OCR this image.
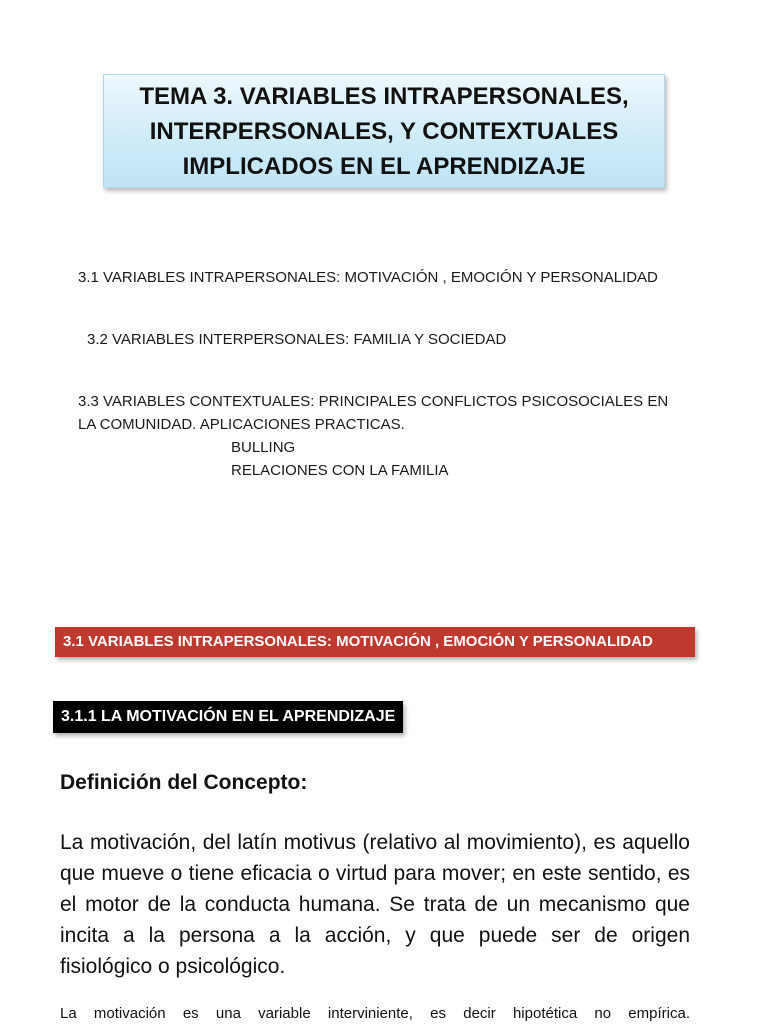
TEMA 3. VARIABLES INTRAPERSONALES,
INTERPERSONALES, Y CONTEXTUALES
IMPLICADOS EN EL APRENDIZAJE
3.1 VARIABLES INTRAPERSONALES: MOTIVACIÓN , EMOCIÓN Y PERSONALIDAD
3.2 VARIABLES INTERPERSONALES: FAMILIA Y SOCIEDAD
3.3 VARIABLES CONTEXTUALES: PRINCIPALES CONFLICTOS PSICOSOCIALES EN
LA COMUNIDAD. APLICACIONES PRACTICAS.
BULLING
RELACIONES CON LA FAMILIA
3.1 VARIABLES INTRAPERSONALES: MOTIVACIÓN , EMOCIÓN Y PERSONALIDAD
3.1.1 LA MOTIVACIÓN EN EL APRENDIZAJE
Definición del Concepto:
La motivación, del latín motivus (relativo al movimiento), es aquello que mueve o tiene eficacia o virtud para mover; en este sentido, es el motor de la conducta humana. Se trata de un mecanismo que incita a la persona a la acción, y que puede ser de origen fisiológico o psicológico.
La motivación es una variable interviniente, es decir hipotética no empírica.
